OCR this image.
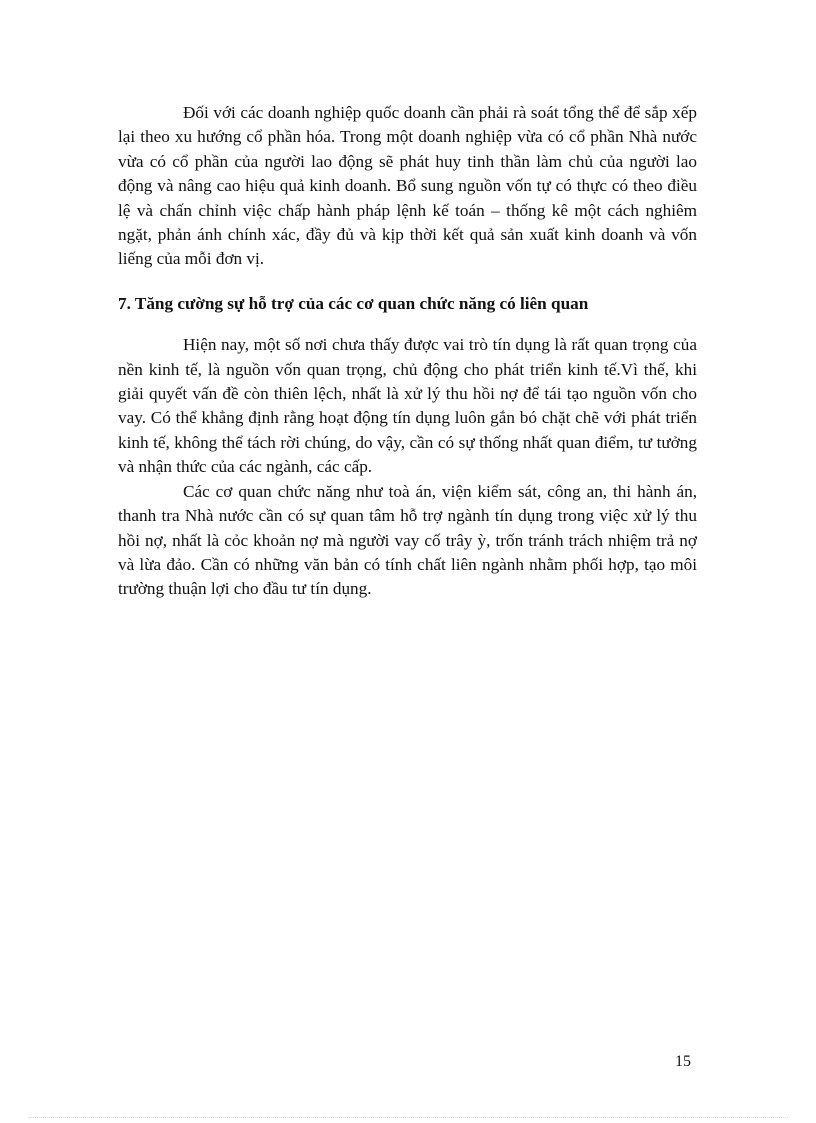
Đối với các doanh nghiệp quốc doanh cần phải rà soát tổng thể để sắp xếp lại theo xu hướng cổ phần hóa. Trong một doanh nghiệp vừa có cổ phần Nhà nước vừa có cổ phần của người lao động sẽ phát huy tinh thần làm chủ của người lao động và nâng cao hiệu quả kinh doanh. Bổ sung nguồn vốn tự có thực có theo điều lệ và chấn chỉnh việc chấp hành pháp lệnh kế toán – thống kê một cách nghiêm ngặt, phản ánh chính xác, đầy đủ và kịp thời kết quả sản xuất kinh doanh và vốn liếng của mỗi đơn vị.

7. Tăng cường sự hỗ trợ của các cơ quan chức năng có liên quan

Hiện nay, một số nơi chưa thấy được vai trò tín dụng là rất quan trọng của nền kinh tế, là nguồn vốn quan trọng, chủ động cho phát triển kinh tế.Vì thế, khi giải quyết vấn đề còn thiên lệch, nhất là xử lý thu hồi nợ để tái tạo nguồn vốn cho vay. Có thể khẳng định rằng hoạt động tín dụng luôn gắn bó chặt chẽ với phát triển kinh tế, không thể tách rời chúng, do vậy, cần có sự thống nhất quan điểm, tư tưởng và nhận thức của các ngành, các cấp.

Các cơ quan chức năng như toà án, viện kiểm sát, công an, thi hành án, thanh tra Nhà nước cần có sự quan tâm hỗ trợ ngành tín dụng trong việc xử lý thu hồi nợ, nhất là cỏc khoản nợ mà người vay cố trây ỳ, trốn tránh trách nhiệm trả nợ và lừa đảo. Cần có những văn bản có tính chất liên ngành nhằm phối hợp, tạo môi trường thuận lợi cho đầu tư tín dụng.

15
